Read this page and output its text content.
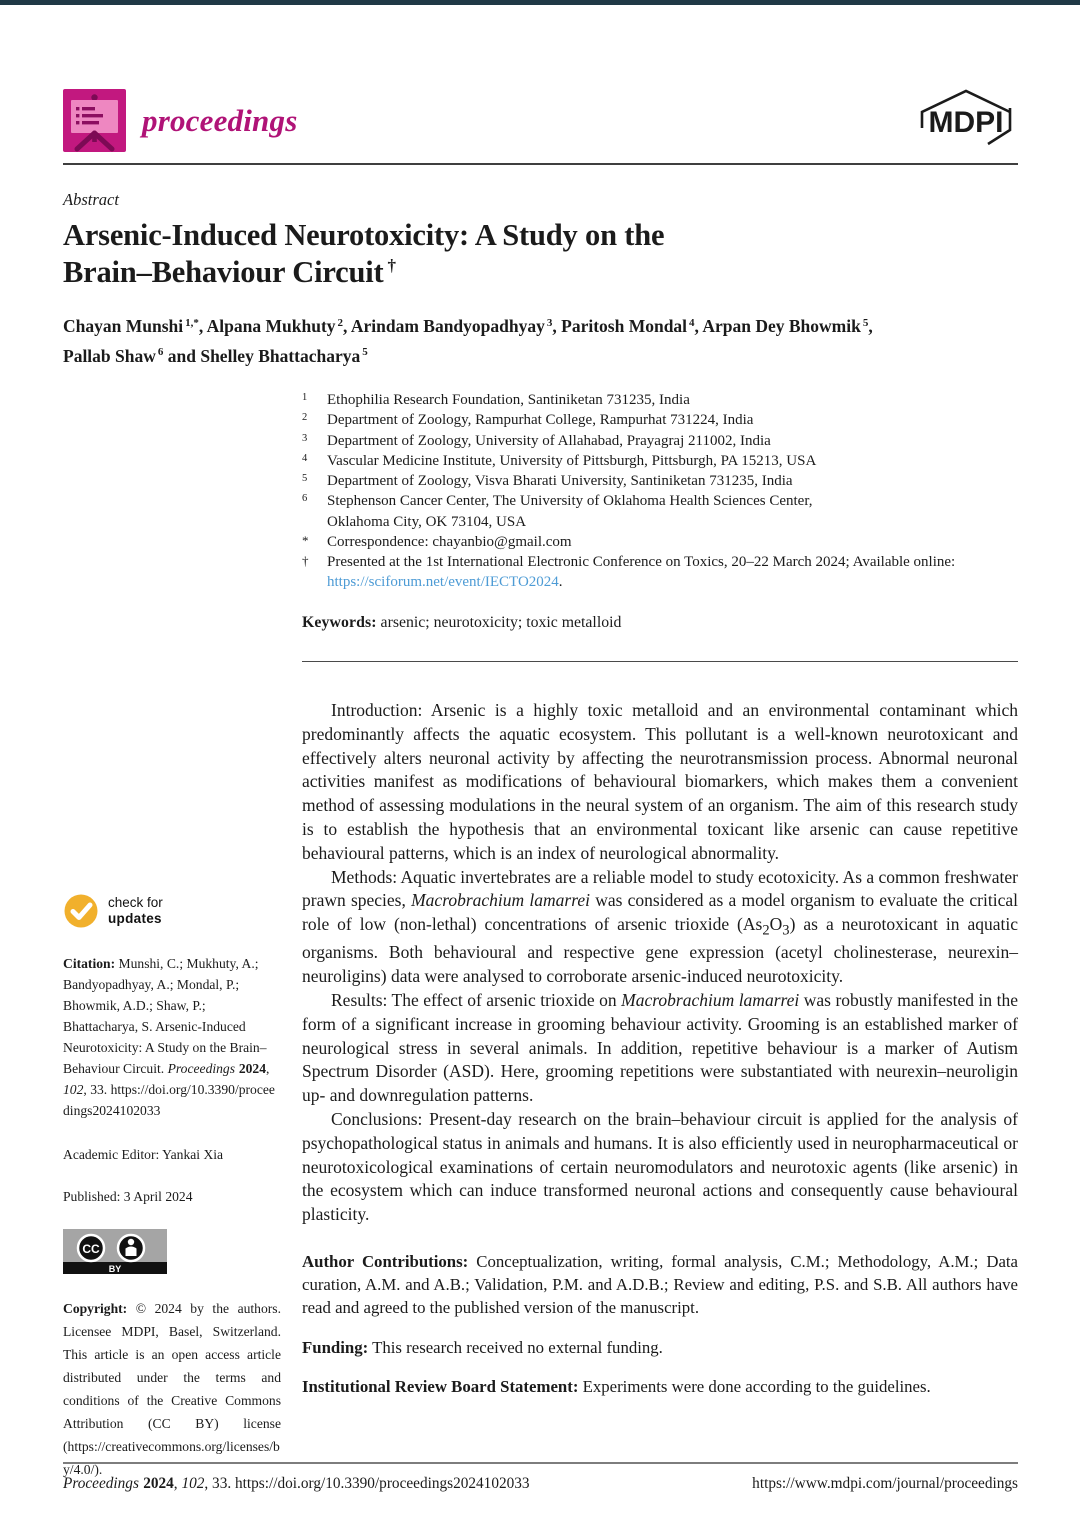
proceedings	MDPI
Abstract
Arsenic-Induced Neurotoxicity: A Study on the
Brain–Behaviour Circuit †
Chayan Munshi $^{1,*}$, Alpana Mukhuty $^2$, Arindam Bandyopadhyay $^3$, Paritosh Mondal $^4$, Arpan Dey Bhowmik $^5$,
Pallab Shaw $^6$ and Shelley Bhattacharya $^5$
1	Ethophilia Research Foundation, Santiniketan 731235, India
2	Department of Zoology, Rampurhat College, Rampurhat 731224, India
3	Department of Zoology, University of Allahabad, Prayagraj 211002, India
4	Vascular Medicine Institute, University of Pittsburgh, Pittsburgh, PA 15213, USA
5	Department of Zoology, Visva Bharati University, Santiniketan 731235, India
6	Stephenson Cancer Center, The University of Oklahoma Health Sciences Center,
Oklahoma City, OK 73104, USA
*	Correspondence: chayanbio@gmail.com
†	Presented at the 1st International Electronic Conference on Toxics, 20–22 March 2024; Available online:
https://sciforum.net/event/IECTO2024.
Keywords: arsenic; neurotoxicity; toxic metalloid
check for
updates
Citation: Munshi, C.; Mukhuty, A.; Bandyopadhyay, A.; Mondal, P.; Bhowmik, A.D.; Shaw, P.; Bhattacharya, S. Arsenic-Induced Neurotoxicity: A Study on the Brain–Behaviour Circuit. Proceedings 2024, 102, 33. https://doi.org/10.3390/proceedings2024102033
Academic Editor: Yankai Xia
Published: 3 April 2024
CC
BY
Copyright: © 2024 by the authors. Licensee MDPI, Basel, Switzerland. This article is an open access article distributed under the terms and conditions of the Creative Commons Attribution (CC BY) license (https://creativecommons.org/licenses/by/4.0/).

Introduction: Arsenic is a highly toxic metalloid and an environmental contaminant which predominantly affects the aquatic ecosystem. This pollutant is a well-known neurotoxicant and effectively alters neuronal activity by affecting the neurotransmission process. Abnormal neuronal activities manifest as modifications of behavioural biomarkers, which makes them a convenient method of assessing modulations in the neural system of an organism. The aim of this research study is to establish the hypothesis that an environmental toxicant like arsenic can cause repetitive behavioural patterns, which is an index of neurological abnormality.

Methods: Aquatic invertebrates are a reliable model to study ecotoxicity. As a common freshwater prawn species, Macrobrachium lamarrei was considered as a model organism to evaluate the critical role of low (non-lethal) concentrations of arsenic trioxide $(As_2O_3)$ as a neurotoxicant in aquatic organisms. Both behavioural and respective gene expression (acetyl cholinesterase, neurexin–neuroligins) data were analysed to corroborate arsenic-induced neurotoxicity.

Results: The effect of arsenic trioxide on Macrobrachium lamarrei was robustly manifested in the form of a significant increase in grooming behaviour activity. Grooming is an established marker of neurological stress in several animals. In addition, repetitive behaviour is a marker of Autism Spectrum Disorder (ASD). Here, grooming repetitions were substantiated with neurexin–neuroligin up- and downregulation patterns.

Conclusions: Present-day research on the brain–behaviour circuit is applied for the analysis of psychopathological status in animals and humans. It is also efficiently used in neuropharmaceutical or neurotoxicological examinations of certain neuromodulators and neurotoxic agents (like arsenic) in the ecosystem which can induce transformed neuronal actions and consequently cause behavioural plasticity.

Author Contributions: Conceptualization, writing, formal analysis, C.M.; Methodology, A.M.; Data curation, A.M. and A.B.; Validation, P.M. and A.D.B.; Review and editing, P.S. and S.B. All authors have read and agreed to the published version of the manuscript.

Funding: This research received no external funding.

Institutional Review Board Statement: Experiments were done according to the guidelines.

Proceedings 2024, 102, 33. https://doi.org/10.3390/proceedings2024102033	https://www.mdpi.com/journal/proceedings
